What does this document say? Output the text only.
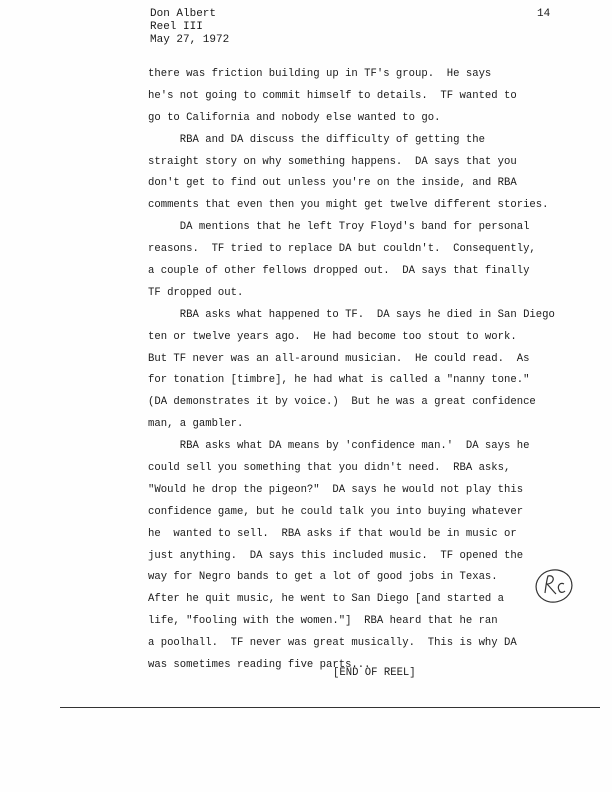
Don Albert
Reel III
May 27, 1972
14
there was friction building up in TF's group.  He says
he's not going to commit himself to details.  TF wanted to
go to California and nobody else wanted to go.
RBA and DA discuss the difficulty of getting the
straight story on why something happens.  DA says that you
don't get to find out unless you're on the inside, and RBA
comments that even then you might get twelve different stories.
DA mentions that he left Troy Floyd's band for personal
reasons.  TF tried to replace DA but couldn't.  Consequently,
a couple of other fellows dropped out.  DA says that finally
TF dropped out.
RBA asks what happened to TF.  DA says he died in San Diego
ten or twelve years ago.  He had become too stout to work.
But TF never was an all-around musician.  He could read.  As
for tonation [timbre], he had what is called a "nanny tone."
(DA demonstrates it by voice.)  But he was a great confidence
man, a gambler.
RBA asks what DA means by 'confidence man.'  DA says he
could sell you something that you didn't need.  RBA asks,
"Would he drop the pigeon?"  DA says he would not play this
confidence game, but he could talk you into buying whatever
he  wanted to sell.  RBA asks if that would be in music or
just anything.  DA says this included music.  TF opened the
way for Negro bands to get a lot of good jobs in Texas.
After he quit music, he went to San Diego [and started a
life, "fooling with the women."]  RBA heard that he ran
a poolhall.  TF never was great musically.  This is why DA
was sometimes reading five parts...
[END OF REEL]
